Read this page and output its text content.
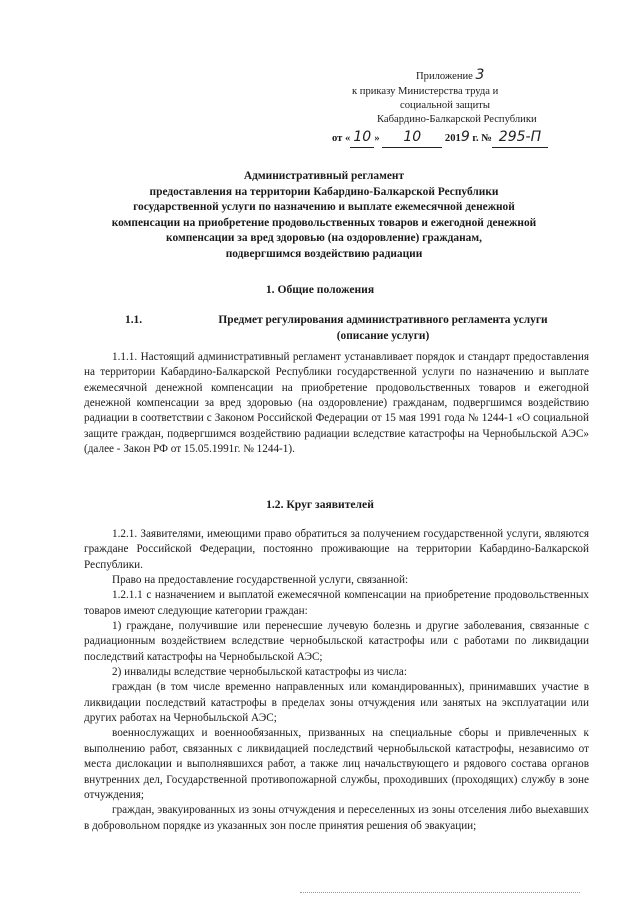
Приложение 3
к приказу Министерства труда и
социальной защиты
Кабардино-Балкарской Республики
от « 10 » 10 2019 г. № 295-П
Административный регламент
предоставления на территории Кабардино-Балкарской Республики
государственной услуги по назначению и выплате ежемесячной денежной
компенсации на приобретение продовольственных товаров и ежегодной денежной
компенсации за вред здоровью (на оздоровление) гражданам,
подвергшимся воздействию радиации
1. Общие положения
1.1.	Предмет регулирования административного регламента услуги
(описание услуги)

1.1.1. Настоящий административный регламент устанавливает порядок и стандарт предоставления на территории Кабардино-Балкарской Республики государственной услуги по назначению и выплате ежемесячной денежной компенсации на приобретение продовольственных товаров и ежегодной денежной компенсации за вред здоровью (на оздоровление) гражданам, подвергшимся воздействию радиации в соответствии с Законом Российской Федерации от 15 мая 1991 года № 1244-1 «О социальной защите граждан, подвергшимся воздействию радиации вследствие катастрофы на Чернобыльской АЭС» (далее - Закон РФ от 15.05.1991г. № 1244-1).

1.2. Круг заявителей

1.2.1. Заявителями, имеющими право обратиться за получением государственной услуги, являются граждане Российской Федерации, постоянно проживающие на территории Кабардино-Балкарской Республики.

Право на предоставление государственной услуги, связанной:

1.2.1.1 с назначением и выплатой ежемесячной компенсации на приобретение продовольственных товаров имеют следующие категории граждан:

1) граждане, получившие или перенесшие лучевую болезнь и другие заболевания, связанные с радиационным воздействием вследствие чернобыльской катастрофы или с работами по ликвидации последствий катастрофы на Чернобыльской АЭС;

2) инвалиды вследствие чернобыльской катастрофы из числа:

граждан (в том числе временно направленных или командированных), принимавших участие в ликвидации последствий катастрофы в пределах зоны отчуждения или занятых на эксплуатации или других работах на Чернобыльской АЭС;

военнослужащих и военнообязанных, призванных на специальные сборы и привлеченных к выполнению работ, связанных с ликвидацией последствий чернобыльской катастрофы, независимо от места дислокации и выполнявшихся работ, а также лиц начальствующего и рядового состава органов внутренних дел, Государственной противопожарной службы, проходивших (проходящих) службу в зоне отчуждения;

граждан, эвакуированных из зоны отчуждения и переселенных из зоны отселения либо выехавших в добровольном порядке из указанных зон после принятия решения об эвакуации;
